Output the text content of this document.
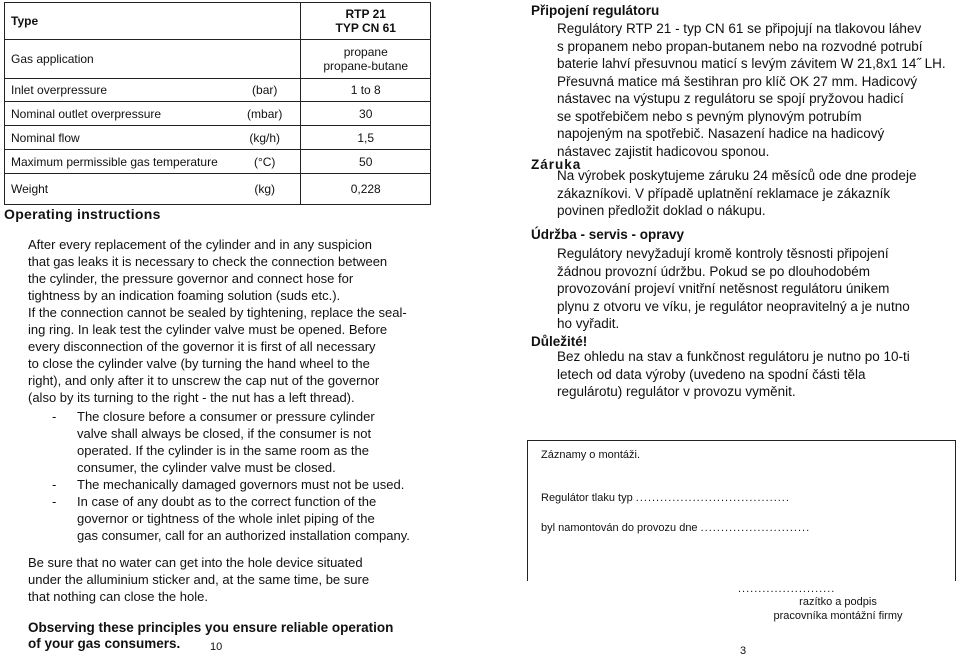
Type		RTP 21
TYP CN 61

Gas application		propane
propane-butane

Inlet overpressure	(bar)	1 to 8
Nominal outlet overpressure	(mbar)	30
Nominal flow	(kg/h)	1,5
Maximum permissible gas temperature	(°C)	50
Weight	(kg)	0,228
Operating instructions
After every replacement of the cylinder and in any suspicion
that gas leaks it is necessary to check the connection between
the cylinder, the pressure governor and connect hose for
tightness by an indication foaming solution (suds etc.).
If the connection cannot be sealed by tightening, replace the seal-
ing ring. In leak test the cylinder valve must be opened. Before
every disconnection of the governor it is first of all necessary
to close the cylinder valve (by turning the hand wheel to the
right), and only after it to unscrew the cap nut of the governor
(also by its turning to the right - the nut has a left thread).
- The closure before a consumer or pressure cylinder
valve shall always be closed, if the consumer is not
operated. If the cylinder is in the same room as the
consumer, the cylinder valve must be closed.
- The mechanically damaged governors must not be used.
- In case of any doubt as to the correct function of the
governor or tightness of the whole inlet piping of the
gas consumer, call for an authorized installation company.
Be sure that no water can get into the hole device situated
under the alluminium sticker and, at the same time, be sure
that nothing can close the hole.
Observing these principles you ensure reliable operation
of your gas consumers.	10
Připojení regulátoru
Regulátory RTP 21 - typ CN 61 se připojují na tlakovou láhev
s propanem nebo propan-butanem nebo na rozvodné potrubí
baterie lahví přesuvnou maticí s levým závitem W 21,8x1 14˝ LH.
Přesuvná matice má šestihran pro klíč OK 27 mm. Hadicový
nástavec na výstupu z regulátoru se spojí pryžovou hadicí
se spotřebičem nebo s pevným plynovým potrubím
napojeným na spotřebič. Nasazení hadice na hadicový
nástavec zajistit hadicovou sponou.
Záruka
Na výrobek poskytujeme záruku 24 měsíců ode dne prodeje
zákazníkovi. V případě uplatnění reklamace je zákazník
povinen předložit doklad o nákupu.
Údržba - servis - opravy
Regulátory nevyžadují kromě kontroly těsnosti připojení
žádnou provozní údržbu. Pokud se po dlouhodobém
provozování projeví vnitřní netěsnost regulátoru únikem
plynu z otvoru ve víku, je regulátor neopravitelný a je nutno
ho vyřadit.
Důležité!
Bez ohledu na stav a funkčnost regulátoru je nutno po 10-ti
letech od data výroby (uvedeno na spodní části těla
regulárotu) regulátor v provozu vyměnit.
Záznamy o montáži.
Regulátor tlaku typ ......................................
byl namontován do provozu dne ...........................
........................
razítko a podpis
pracovníka montážní firmy
3
